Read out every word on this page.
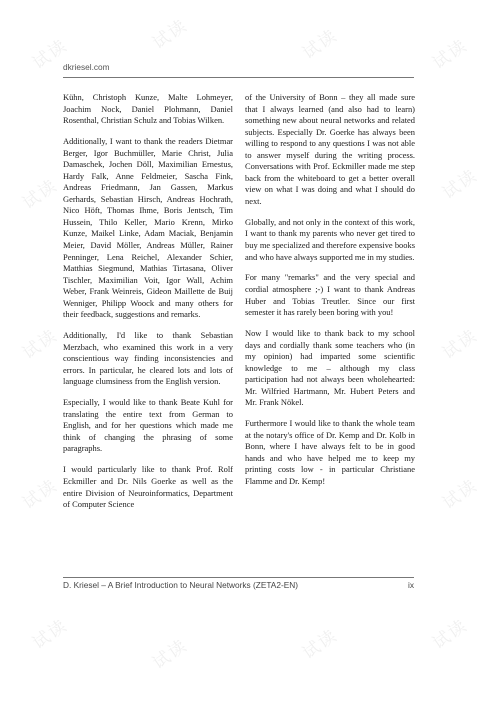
试读
试读	试读	试读
试读	试读
试读	试读
试读	试读
试读
试读	试读	试读
dkriesel.com

Kühn, Christoph Kunze, Malte Lohmeyer, Joachim Nock, Daniel Plohmann, Daniel Rosenthal, Christian Schulz and Tobias Wilken.

Additionally, I want to thank the readers Dietmar Berger, Igor Buchmüller, Marie Christ, Julia Damaschek, Jochen Döll, Maximilian Ernestus, Hardy Falk, Anne Feldmeier, Sascha Fink, Andreas Friedmann, Jan Gassen, Markus Gerhards, Sebastian Hirsch, Andreas Hochrath, Nico Höft, Thomas Ihme, Boris Jentsch, Tim Hussein, Thilo Keller, Mario Krenn, Mirko Kunze, Maikel Linke, Adam Maciak, Benjamin Meier, David Möller, Andreas Müller, Rainer Penninger, Lena Reichel, Alexander Schier, Matthias Siegmund, Mathias Tirtasana, Oliver Tischler, Maximilian Voit, Igor Wall, Achim Weber, Frank Weinreis, Gideon Maillette de Buij Wenniger, Philipp Woock and many others for their feedback, suggestions and remarks.

Additionally, I'd like to thank Sebastian Merzbach, who examined this work in a very conscientious way finding inconsistencies and errors. In particular, he cleared lots and lots of language clumsiness from the English version.

Especially, I would like to thank Beate Kuhl for translating the entire text from German to English, and for her questions which made me think of changing the phrasing of some paragraphs.

I would particularly like to thank Prof. Rolf Eckmiller and Dr. Nils Goerke as well as the entire Division of Neuroinformatics, Department of Computer Science

of the University of Bonn – they all made sure that I always learned (and also had to learn) something new about neural networks and related subjects. Especially Dr. Goerke has always been willing to respond to any questions I was not able to answer myself during the writing process. Conversations with Prof. Eckmiller made me step back from the whiteboard to get a better overall view on what I was doing and what I should do next.

Globally, and not only in the context of this work, I want to thank my parents who never get tired to buy me specialized and therefore expensive books and who have always supported me in my studies.

For many "remarks" and the very special and cordial atmosphere ;-) I want to thank Andreas Huber and Tobias Treutler. Since our first semester it has rarely been boring with you!

Now I would like to thank back to my school days and cordially thank some teachers who (in my opinion) had imparted some scientific knowledge to me – although my class participation had not always been wholehearted: Mr. Wilfried Hartmann, Mr. Hubert Peters and Mr. Frank Nökel.

Furthermore I would like to thank the whole team at the notary's office of Dr. Kemp and Dr. Kolb in Bonn, where I have always felt to be in good hands and who have helped me to keep my printing costs low - in particular Christiane Flamme and Dr. Kemp!

D. Kriesel – A Brief Introduction to Neural Networks (ZETA2-EN)	ix
